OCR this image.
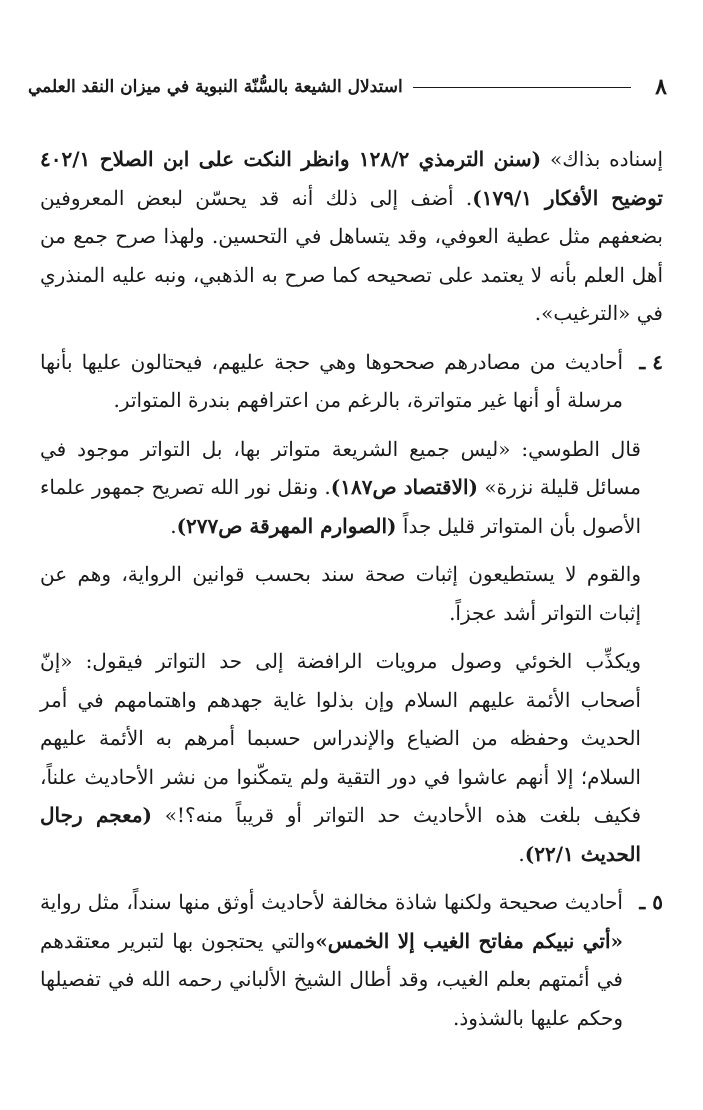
٨
استدلال الشيعة بالسُّنّة النبوية في ميزان النقد العلمي

إسناده بذاك» (سنن الترمذي ١٢٨/٢ وانظر النكت على ابن الصلاح ٤٠٢/١ توضيح الأفكار ١٧٩/١). أضف إلى ذلك أنه قد يحسّن لبعض المعروفين بضعفهم مثل عطية العوفي، وقد يتساهل في التحسين. ولهذا صرح جمع من أهل العلم بأنه لا يعتمد على تصحيحه كما صرح به الذهبي، ونبه عليه المنذري في «الترغيب».

٤ ـ
أحاديث من مصادرهم صححوها وهي حجة عليهم، فيحتالون عليها بأنها مرسلة أو أنها غير متواترة، بالرغم من اعترافهم بندرة المتواتر.

قال الطوسي: «ليس جميع الشريعة متواتر بها، بل التواتر موجود في مسائل قليلة نزرة» (الاقتصاد ص١٨٧). ونقل نور الله تصريح جمهور علماء الأصول بأن المتواتر قليل جداً (الصوارم المهرقة ص٢٧٧).

والقوم لا يستطيعون إثبات صحة سند بحسب قوانين الرواية، وهم عن إثبات التواتر أشد عجزاً.

ويكذِّب الخوئي وصول مرويات الرافضة إلى حد التواتر فيقول: «إنّ أصحاب الأئمة عليهم السلام وإن بذلوا غاية جهدهم واهتمامهم في أمر الحديث وحفظه من الضياع والإندراس حسبما أمرهم به الأئمة عليهم السلام؛ إلا أنهم عاشوا في دور التقية ولم يتمكّنوا من نشر الأحاديث علناً، فكيف بلغت هذه الأحاديث حد التواتر أو قريباً منه؟!» (معجم رجال الحديث ٢٢/١).

٥ ـ
أحاديث صحيحة ولكنها شاذة مخالفة لأحاديث أوثق منها سنداً، مثل رواية «أتي نبيكم مفاتح الغيب إلا الخمس»والتي يحتجون بها لتبرير معتقدهم في أئمتهم بعلم الغيب، وقد أطال الشيخ الألباني رحمه الله في تفصيلها وحكم عليها بالشذوذ.
